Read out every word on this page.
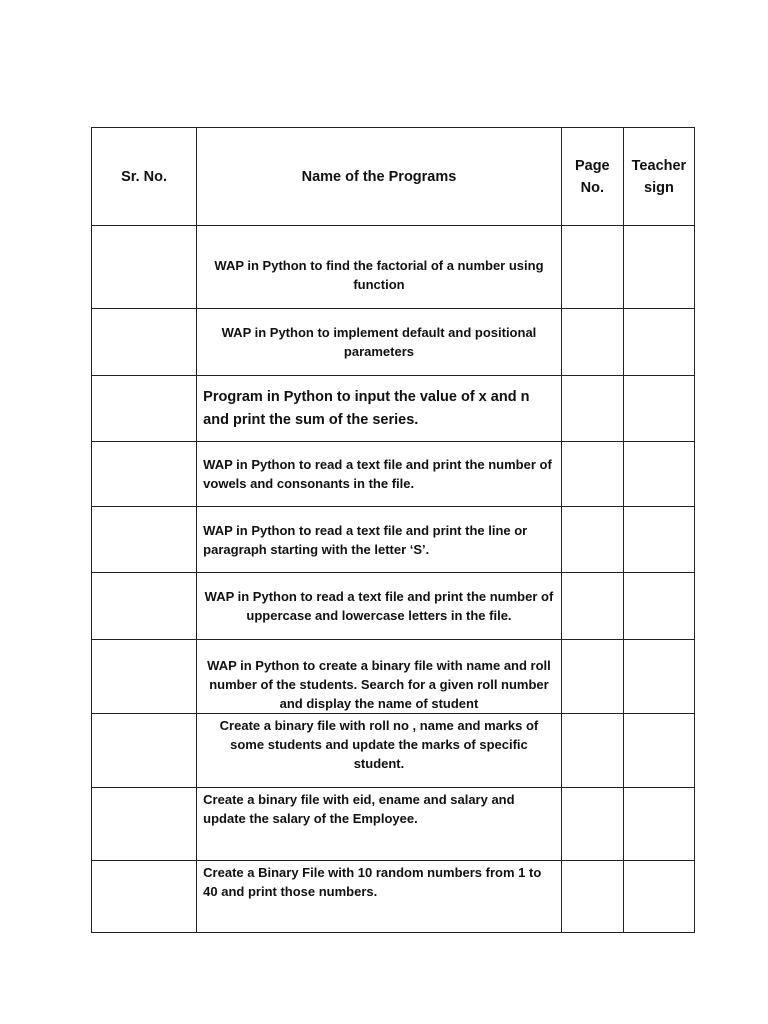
Sr. No.	Name of the Programs	Page No.	Teacher sign

	WAP in Python to find the factorial of a number using function		

	WAP in Python to implement default and positional parameters		

	Program in Python to input the value of x and n and print the sum of the series.		

	WAP in Python to read a text file and print the number of vowels and consonants in the file.		

	WAP in Python to read a text file and print the line or paragraph starting with the letter ‘S’.		

	WAP in Python to read a text file and print the number of uppercase and lowercase letters in the file.		

	WAP in Python to create a binary file with name and roll number of the students. Search for a given roll number and display the name of student		

	Create a binary file with roll no , name and marks of some students and update the marks of specific student.		

	Create a binary file with eid, ename and salary and update the salary of the Employee.		

	Create a Binary File with 10 random numbers from 1 to 40 and print those numbers.		
